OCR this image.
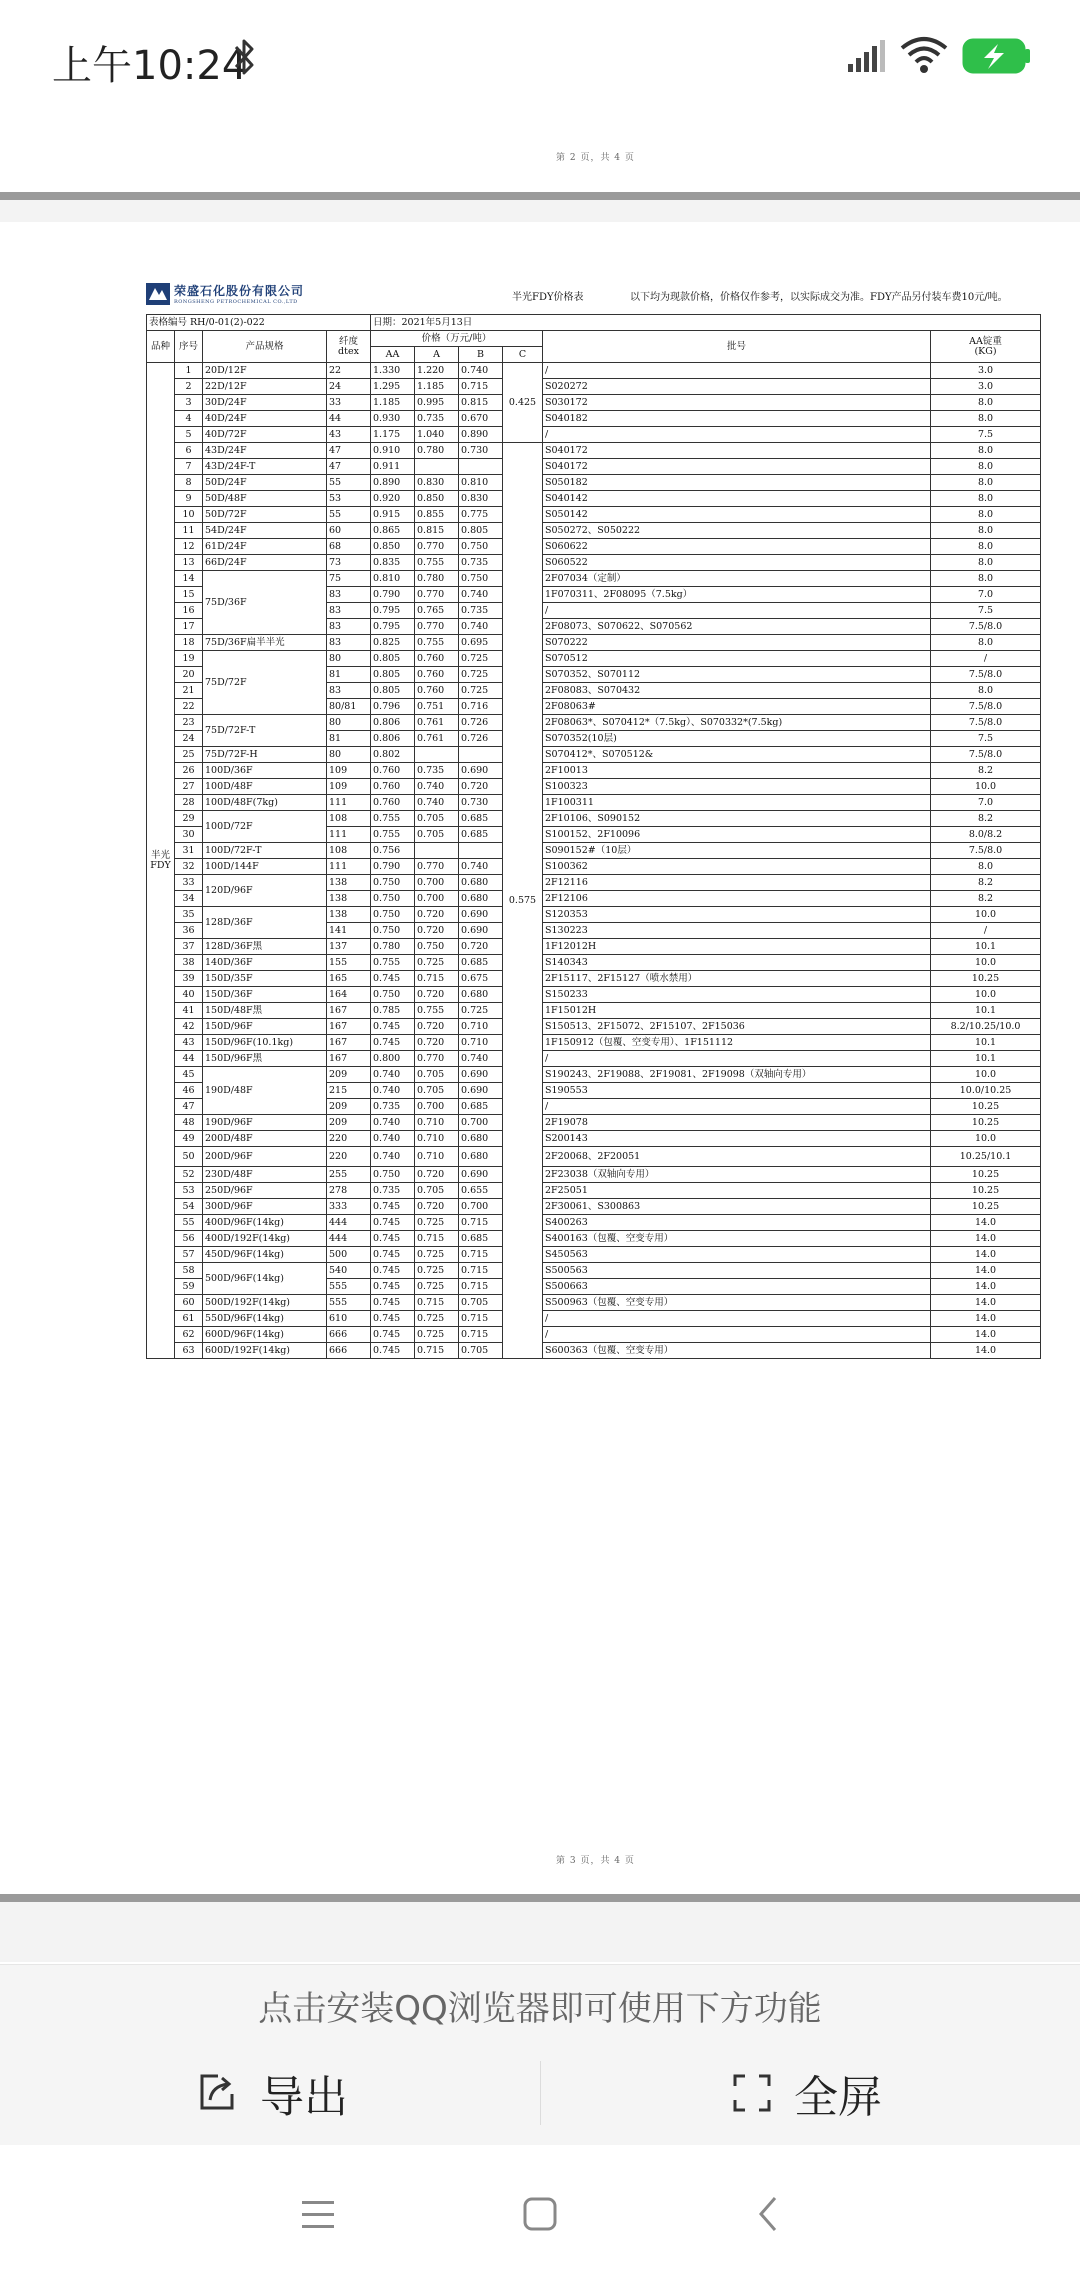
上午10:24
第 2 页，共 4 页
荣盛石化股份有限公司
RONGSHENG PETROCHEMICAL CO.,LTD	半光FDY价格表	以下均为现款价格，价格仅作参考，以实际成交为准。FDY产品另付装车费10元/吨。
表格编号 RH/0-01(2)-022				日期：2021年5月13日					
品种	序号	产品规格	纤度
dtex	价格（万元/吨）				批号	AA锭重
(KG)
				AA	A	B	C		
半光
FDY	1	20D/12F	22	1.330	1.220	0.740	0.425	/	3.0
	2	22D/12F	24	1.295	1.185	0.715		S020272	3.0
	3	30D/24F	33	1.185	0.995	0.815		S030172	8.0
	4	40D/24F	44	0.930	0.735	0.670		S040182	8.0
	5	40D/72F	43	1.175	1.040	0.890		/	7.5
	6	43D/24F	47	0.910	0.780	0.730	0.575	S040172	8.0
	7	43D/24F-T	47	0.911				S040172	8.0
	8	50D/24F	55	0.890	0.830	0.810		S050182	8.0
	9	50D/48F	53	0.920	0.850	0.830		S040142	8.0
	10	50D/72F	55	0.915	0.855	0.775		S050142	8.0
	11	54D/24F	60	0.865	0.815	0.805		S050272、S050222	8.0
	12	61D/24F	68	0.850	0.770	0.750		S060622	8.0
	13	66D/24F	73	0.835	0.755	0.735		S060522	8.0
	14	75D/36F	75	0.810	0.780	0.750		2F07034（定制）	8.0
	15		83	0.790	0.770	0.740		1F070311、2F08095（7.5kg）	7.0
	16		83	0.795	0.765	0.735		/	7.5
	17		83	0.795	0.770	0.740		2F08073、S070622、S070562	7.5/8.0
	18	75D/36F扁半半光	83	0.825	0.755	0.695		S070222	8.0
	19	75D/72F	80	0.805	0.760	0.725		S070512	/
	20		81	0.805	0.760	0.725		S070352、S070112	7.5/8.0
	21		83	0.805	0.760	0.725		2F08083、S070432	8.0
	22		80/81	0.796	0.751	0.716		2F08063#	7.5/8.0
	23	75D/72F-T	80	0.806	0.761	0.726		2F08063*、S070412*（7.5kg）、S070332*(7.5kg)	7.5/8.0
	24		81	0.806	0.761	0.726		S070352(10层)	7.5
	25	75D/72F-H	80	0.802				S070412*、S070512&	7.5/8.0
	26	100D/36F	109	0.760	0.735	0.690		2F10013	8.2
	27	100D/48F	109	0.760	0.740	0.720		S100323	10.0
	28	100D/48F(7kg)	111	0.760	0.740	0.730		1F100311	7.0
	29	100D/72F	108	0.755	0.705	0.685		2F10106、S090152	8.2
	30		111	0.755	0.705	0.685		S100152、2F10096	8.0/8.2
	31	100D/72F-T	108	0.756				S090152#（10层）	7.5/8.0
	32	100D/144F	111	0.790	0.770	0.740		S100362	8.0
	33	120D/96F	138	0.750	0.700	0.680		2F12116	8.2
	34		138	0.750	0.700	0.680		2F12106	8.2
	35	128D/36F	138	0.750	0.720	0.690		S120353	10.0
	36		141	0.750	0.720	0.690		S130223	/
	37	128D/36F黑	137	0.780	0.750	0.720		1F12012H	10.1
	38	140D/36F	155	0.755	0.725	0.685		S140343	10.0
	39	150D/35F	165	0.745	0.715	0.675		2F15117、2F15127（喷水禁用）	10.25
	40	150D/36F	164	0.750	0.720	0.680		S150233	10.0
	41	150D/48F黑	167	0.785	0.755	0.725		1F15012H	10.1
	42	150D/96F	167	0.745	0.720	0.710		S150513、2F15072、2F15107、2F15036	8.2/10.25/10.0
	43	150D/96F(10.1kg)	167	0.745	0.720	0.710		1F150912（包覆、空变专用）、1F151112	10.1
	44	150D/96F黑	167	0.800	0.770	0.740		/	10.1
	45	190D/48F	209	0.740	0.705	0.690		S190243、2F19088、2F19081、2F19098（双轴向专用）	10.0
	46		215	0.740	0.705	0.690		S190553	10.0/10.25
	47		209	0.735	0.700	0.685		/	10.25
	48	190D/96F	209	0.740	0.710	0.700		2F19078	10.25
	49	200D/48F	220	0.740	0.710	0.680		S200143	10.0
	50	200D/96F	220	0.740	0.710	0.680		2F20068、2F20051	10.25/10.1
	52	230D/48F	255	0.750	0.720	0.690		2F23038（双轴向专用）	10.25
	53	250D/96F	278	0.735	0.705	0.655		2F25051	10.25
	54	300D/96F	333	0.745	0.720	0.700		2F30061、S300863	10.25
	55	400D/96F(14kg)	444	0.745	0.725	0.715		S400263	14.0
	56	400D/192F(14kg)	444	0.745	0.715	0.685		S400163（包覆、空变专用）	14.0
	57	450D/96F(14kg)	500	0.745	0.725	0.715		S450563	14.0
	58	500D/96F(14kg)	540	0.745	0.725	0.715		S500563	14.0
	59		555	0.745	0.725	0.715		S500663	14.0
	60	500D/192F(14kg)	555	0.745	0.715	0.705		S500963（包覆、空变专用）	14.0
	61	550D/96F(14kg)	610	0.745	0.725	0.715		/	14.0
	62	600D/96F(14kg)	666	0.745	0.725	0.715		/	14.0
	63	600D/192F(14kg)	666	0.745	0.715	0.705		S600363（包覆、空变专用）	14.0
第 3 页，共 4 页
点击安装QQ浏览器即可使用下方功能
导出	全屏
